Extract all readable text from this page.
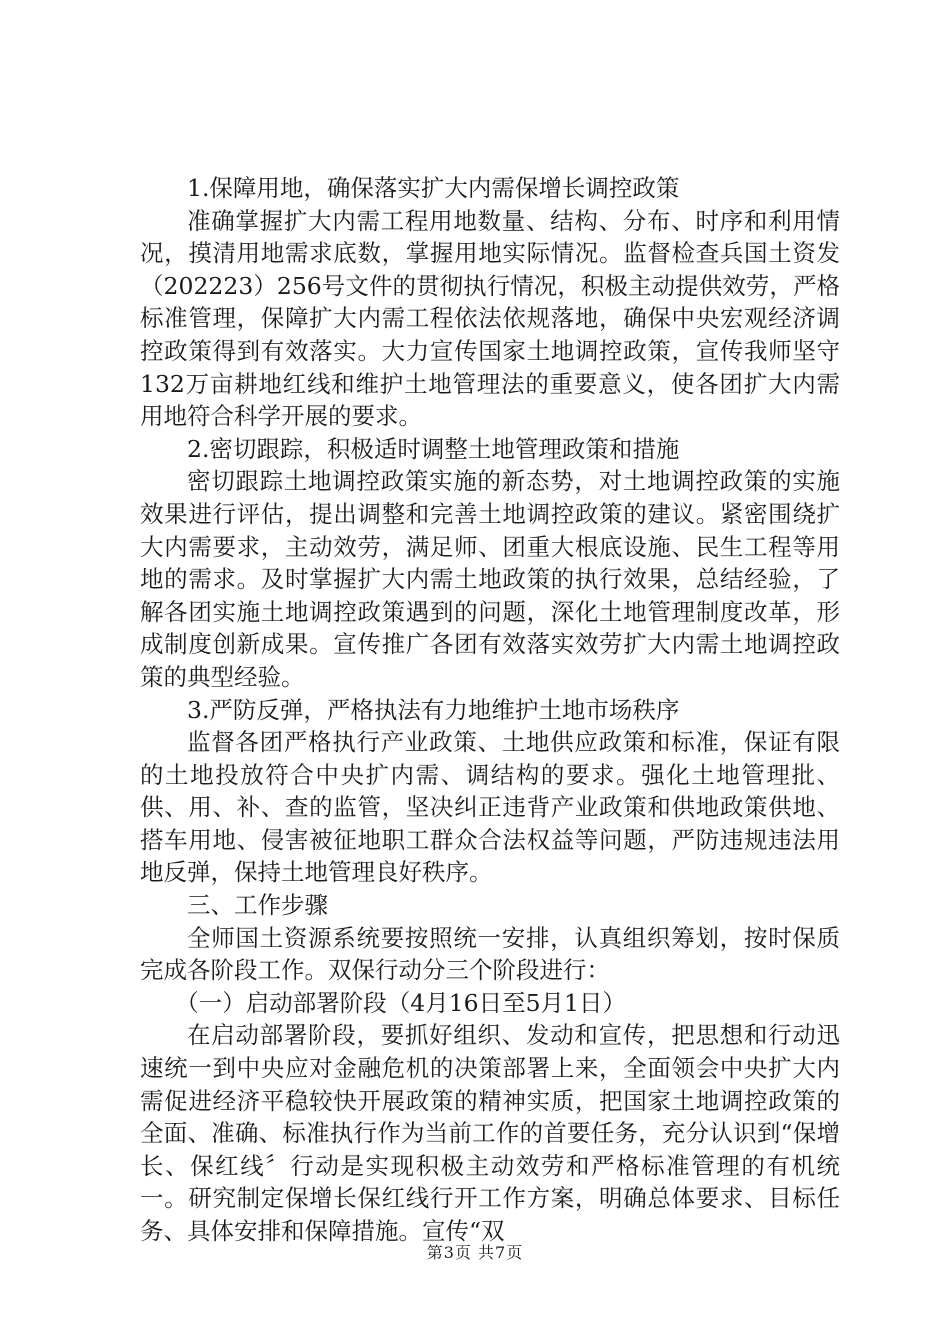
1.保障用地，确保落实扩大内需保增长调控政策

准确掌握扩大内需工程用地数量、结构、分布、时序和利用情况，摸清用地需求底数，掌握用地实际情况。监督检查兵国土资发（202223）256号文件的贯彻执行情况，积极主动提供效劳，严格标准管理，保障扩大内需工程依法依规落地，确保中央宏观经济调控政策得到有效落实。大力宣传国家土地调控政策，宣传我师坚守132万亩耕地红线和维护土地管理法的重要意义，使各团扩大内需用地符合科学开展的要求。

2.密切跟踪，积极适时调整土地管理政策和措施

密切跟踪土地调控政策实施的新态势，对土地调控政策的实施效果进行评估，提出调整和完善土地调控政策的建议。紧密围绕扩大内需要求，主动效劳，满足师、团重大根底设施、民生工程等用地的需求。及时掌握扩大内需土地政策的执行效果，总结经验，了解各团实施土地调控政策遇到的问题，深化土地管理制度改革，形成制度创新成果。宣传推广各团有效落实效劳扩大内需土地调控政策的典型经验。

3.严防反弹，严格执法有力地维护土地市场秩序

监督各团严格执行产业政策、土地供应政策和标准，保证有限的土地投放符合中央扩内需、调结构的要求。强化土地管理批、供、用、补、查的监管，坚决纠正违背产业政策和供地政策供地、搭车用地、侵害被征地职工群众合法权益等问题，严防违规违法用地反弹，保持土地管理良好秩序。

三、工作步骤

全师国土资源系统要按照统一安排，认真组织筹划，按时保质完成各阶段工作。双保行动分三个阶段进行：

（一）启动部署阶段（4月16日至5月1日）

在启动部署阶段，要抓好组织、发动和宣传，把思想和行动迅速统一到中央应对金融危机的决策部署上来，全面领会中央扩大内需促进经济平稳较快开展政策的精神实质，把国家土地调控政策的全面、准确、标准执行作为当前工作的首要任务，充分认识到“保增长、保红线〞行动是实现积极主动效劳和严格标准管理的有机统一。研究制定保增长保红线行开工作方案，明确总体要求、目标任务、具体安排和保障措施。宣传“双

第3页 共7页
